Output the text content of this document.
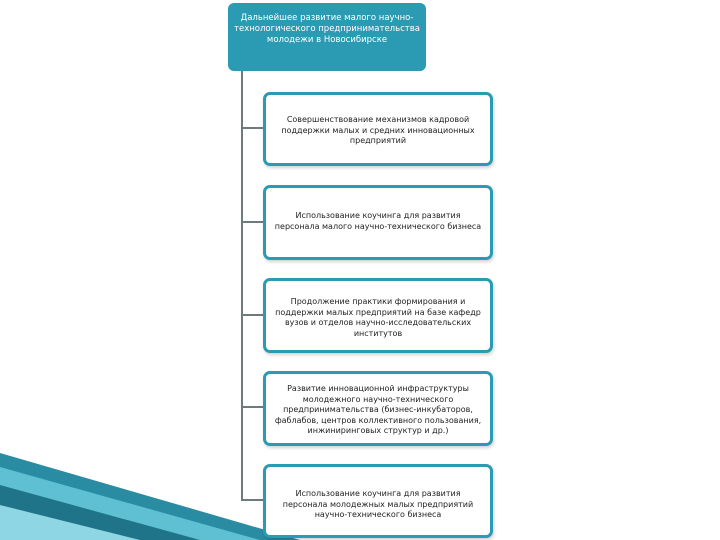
Дальнейшее развитие малого научно-технологического предпринимательства молодежи в Новосибирске
Совершенствование механизмов кадровой поддержки малых и средних инновационных предприятий
Использование коучинга для развития персонала малого научно-технического бизнеса
Продолжение практики формирования и поддержки малых предприятий на базе кафедр вузов и отделов научно-исследовательских институтов
Развитие инновационной инфраструктуры молодежного научно-технического предпринимательства (бизнес-инкубаторов, фаблабов, центров коллективного пользования, инжиниринговых структур и др.)
Использование коучинга для развития персонала молодежных малых предприятий научно-технического бизнеса
